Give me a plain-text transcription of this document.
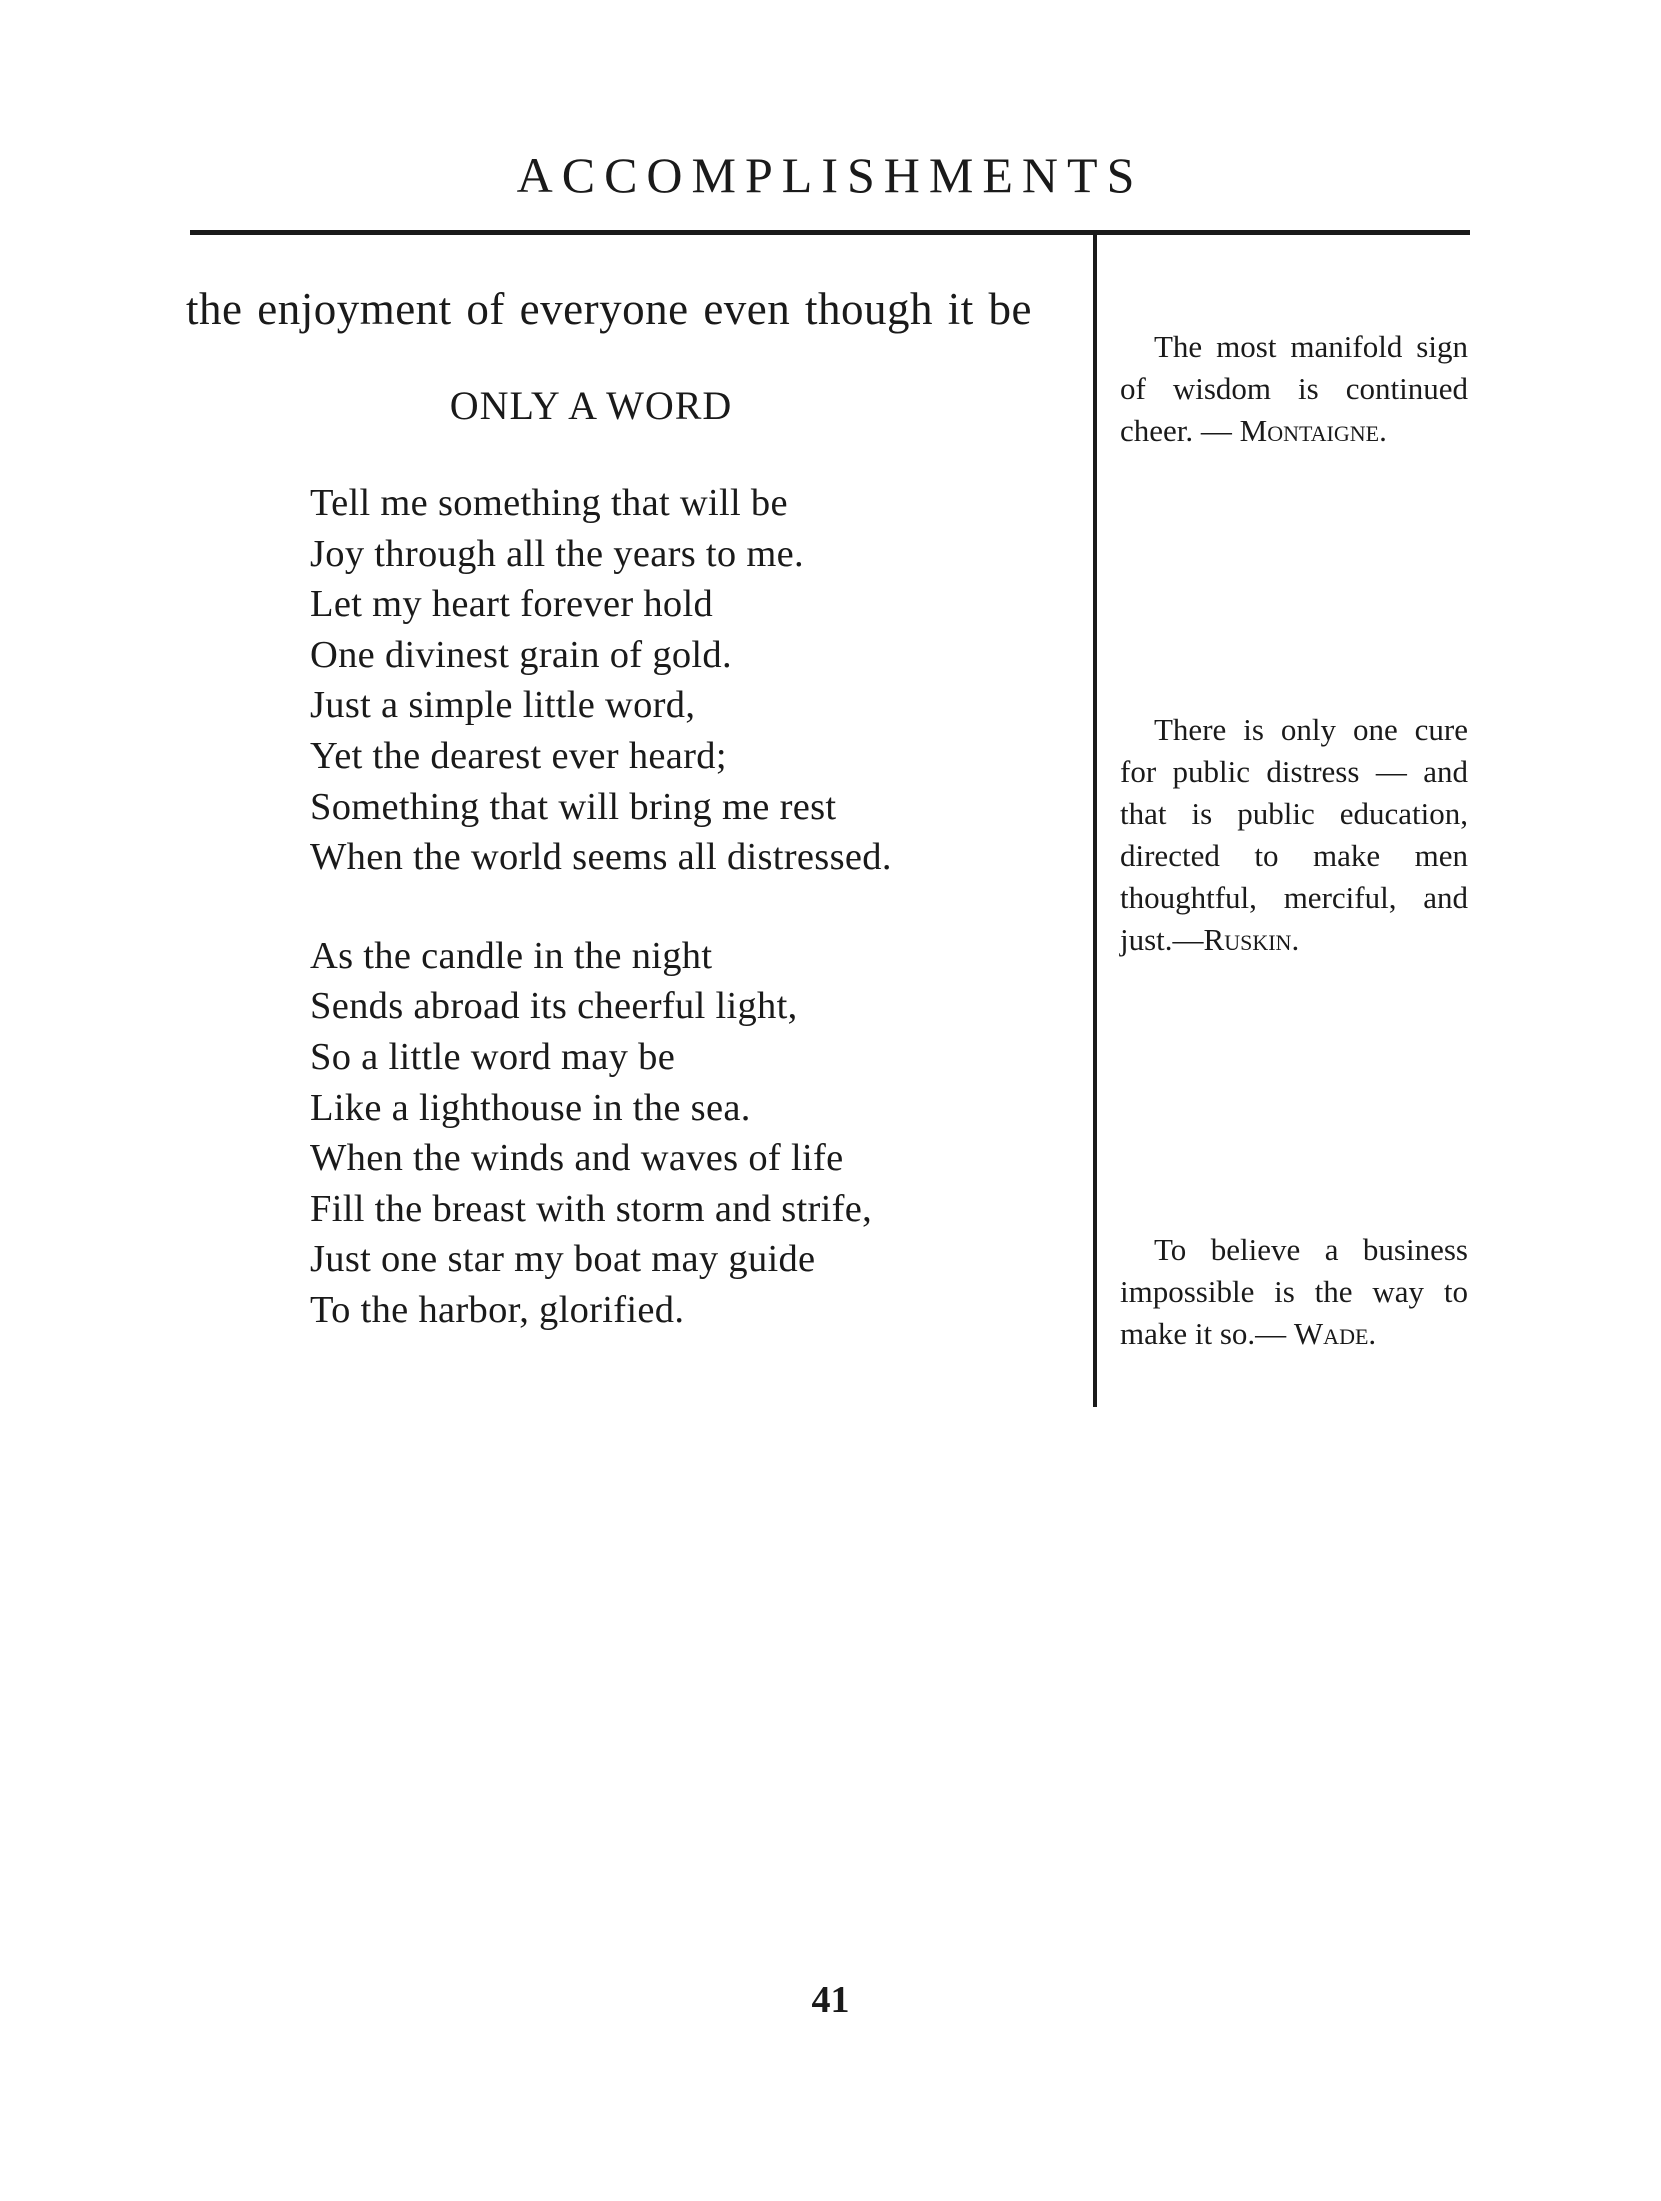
ACCOMPLISHMENTS

the enjoyment of everyone even though it be

ONLY A WORD
Tell me something that will be
Joy through all the years to me.
Let my heart forever hold
One divinest grain of gold.
Just a simple little word,
Yet the dearest ever heard;
Something that will bring me rest
When the world seems all distressed.
As the candle in the night
Sends abroad its cheerful light,
So a little word may be
Like a lighthouse in the sea.
When the winds and waves of life
Fill the breast with storm and strife,
Just one star my boat may guide
To the harbor, glorified.
The most manifold sign of wisdom is continued cheer. — Montaigne.
There is only one cure for public distress — and that is public education, directed to make men thoughtful, merciful, and just.—Ruskin.
To believe a business impossible is the way to make it so.— Wade.
41
